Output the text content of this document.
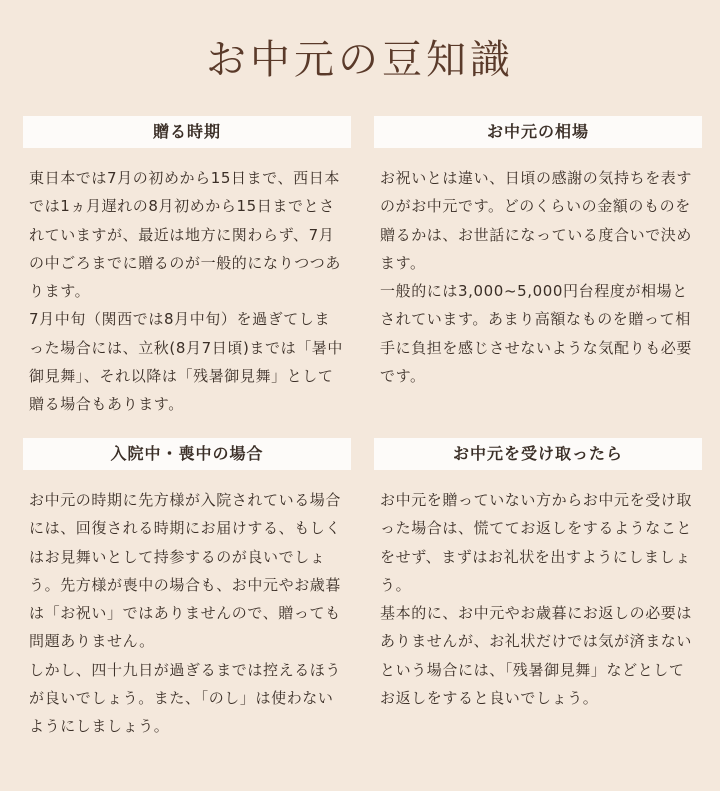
お中元の豆知識
贈る時期

東日本では7月の初めから15日まで、西日本では1ヵ月遅れの8月初めから15日までとされていますが、最近は地方に関わらず、7月の中ごろまでに贈るのが一般的になりつつあります。

7月中旬（関西では8月中旬）を過ぎてしまった場合には、立秋(8月7日頃)までは「暑中御見舞」、それ以降は「残暑御見舞」として贈る場合もあります。

お中元の相場

お祝いとは違い、日頃の感謝の気持ちを表すのがお中元です。どのくらいの金額のものを贈るかは、お世話になっている度合いで決めます。

一般的には3,000~5,000円台程度が相場とされています。あまり高額なものを贈って相手に負担を感じさせないような気配りも必要です。

入院中・喪中の場合

お中元の時期に先方様が入院されている場合には、回復される時期にお届けする、もしくはお見舞いとして持参するのが良いでしょう。先方様が喪中の場合も、お中元やお歳暮は「お祝い」ではありませんので、贈っても問題ありません。

しかし、四十九日が過ぎるまでは控えるほうが良いでしょう。また、「のし」は使わないようにしましょう。

お中元を受け取ったら

お中元を贈っていない方からお中元を受け取った場合は、慌ててお返しをするようなことをせず、まずはお礼状を出すようにしましょう。

基本的に、お中元やお歳暮にお返しの必要はありませんが、お礼状だけでは気が済まないという場合には、「残暑御見舞」などとしてお返しをすると良いでしょう。
